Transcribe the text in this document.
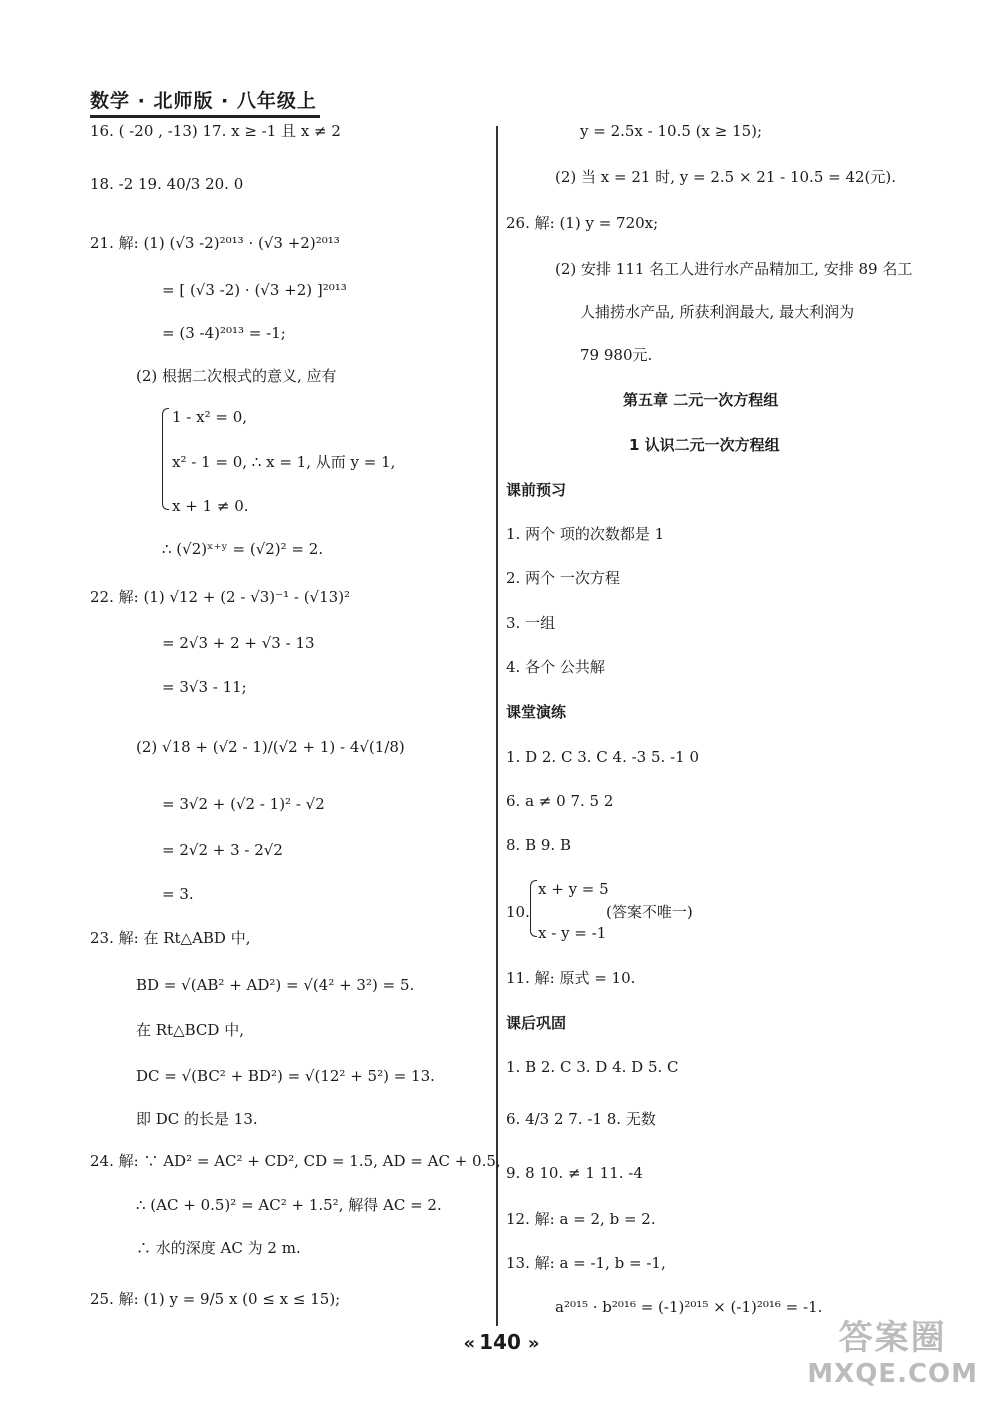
数学 · 北师版 · 八年级上
16. ( -20 , -13) 17. x ≥ -1 且 x ≠ 2
18. -2 19. 40/3 20. 0
21. 解: (1) (√3 -2)²⁰¹³ · (√3 +2)²⁰¹³
= [ (√3 -2) · (√3 +2) ]²⁰¹³
= (3 -4)²⁰¹³ = -1;
(2) 根据二次根式的意义, 应有
1 - x² = 0,
x² - 1 = 0, ∴ x = 1, 从而 y = 1,
x + 1 ≠ 0.
∴ (√2)ˣ⁺ʸ = (√2)² = 2.
22. 解: (1) √12 + (2 - √3)⁻¹ - (√13)²
= 2√3 + 2 + √3 - 13
= 3√3 - 11;
(2) √18 + (√2 - 1)/(√2 + 1) - 4√(1/8)
= 3√2 + (√2 - 1)² - √2
= 2√2 + 3 - 2√2
= 3.
23. 解: 在 Rt△ABD 中,
BD = √(AB² + AD²) = √(4² + 3²) = 5.
在 Rt△BCD 中,
DC = √(BC² + BD²) = √(12² + 5²) = 13.
即 DC 的长是 13.
24. 解: ∵ AD² = AC² + CD², CD = 1.5, AD = AC + 0.5,
∴ (AC + 0.5)² = AC² + 1.5², 解得 AC = 2.
∴ 水的深度 AC 为 2 m.
25. 解: (1) y = 9/5 x (0 ≤ x ≤ 15);
y = 2.5x - 10.5 (x ≥ 15);
(2) 当 x = 21 时, y = 2.5 × 21 - 10.5 = 42(元).
26. 解: (1) y = 720x;
(2) 安排 111 名工人进行水产品精加工, 安排 89 名工
人捕捞水产品, 所获利润最大, 最大利润为
79 980元.
第五章 二元一次方程组
1 认识二元一次方程组
课前预习
1. 两个 项的次数都是 1
2. 两个 一次方程
3. 一组
4. 各个 公共解
课堂演练
1. D 2. C 3. C 4. -3 5. -1 0
6. a ≠ 0 7. 5 2
8. B 9. B
10.
x + y = 5
x - y = -1
(答案不唯一)
11. 解: 原式 = 10.
课后巩固
1. B 2. C 3. D 4. D 5. C
6. 4/3 2 7. -1 8. 无数
9. 8 10. ≠ 1 11. -4
12. 解: a = 2, b = 2.
13. 解: a = -1, b = -1,
a²⁰¹⁵ · b²⁰¹⁶ = (-1)²⁰¹⁵ × (-1)²⁰¹⁶ = -1.
« 140 »	答案圈
MXQE.COM
